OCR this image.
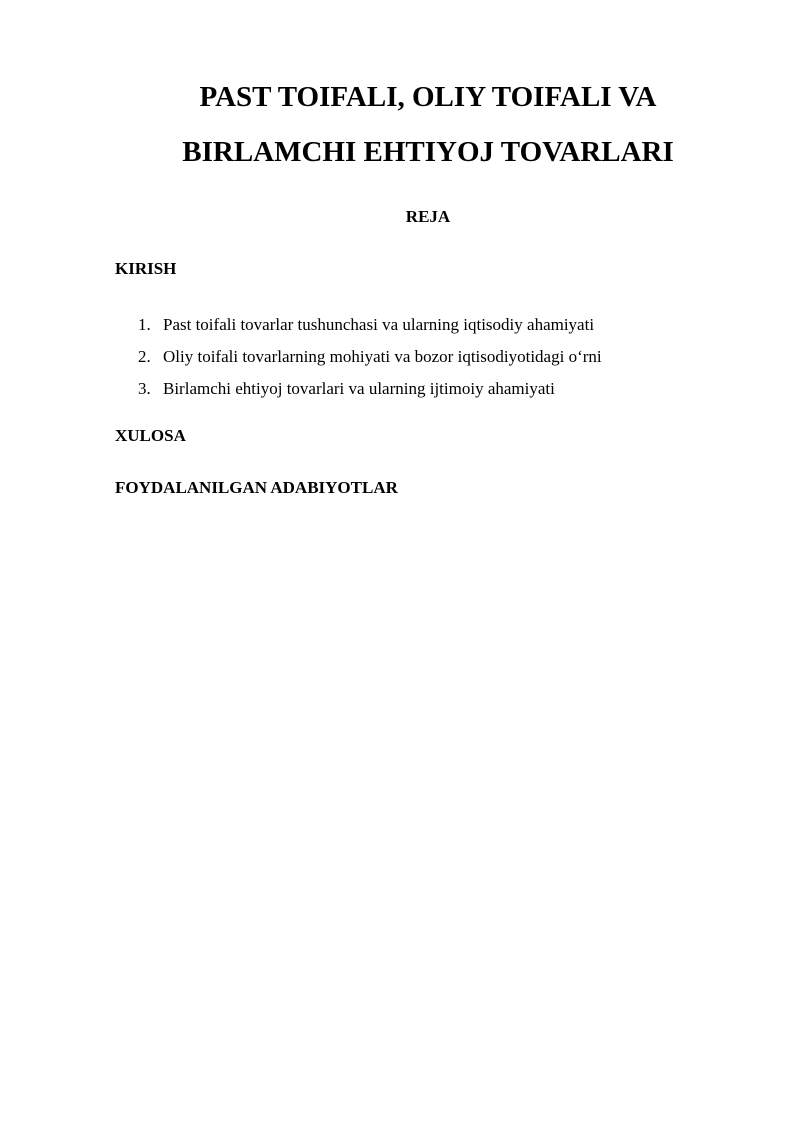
PAST TOIFALI, OLIY TOIFALI VA
BIRLAMCHI EHTIYOJ TOVARLARI
REJA
KIRISH
1. Past toifali tovarlar tushunchasi va ularning iqtisodiy ahamiyati
2. Oliy toifali tovarlarning mohiyati va bozor iqtisodiyotidagi o‘rni
3. Birlamchi ehtiyoj tovarlari va ularning ijtimoiy ahamiyati
XULOSA
FOYDALANILGAN ADABIYOTLAR
